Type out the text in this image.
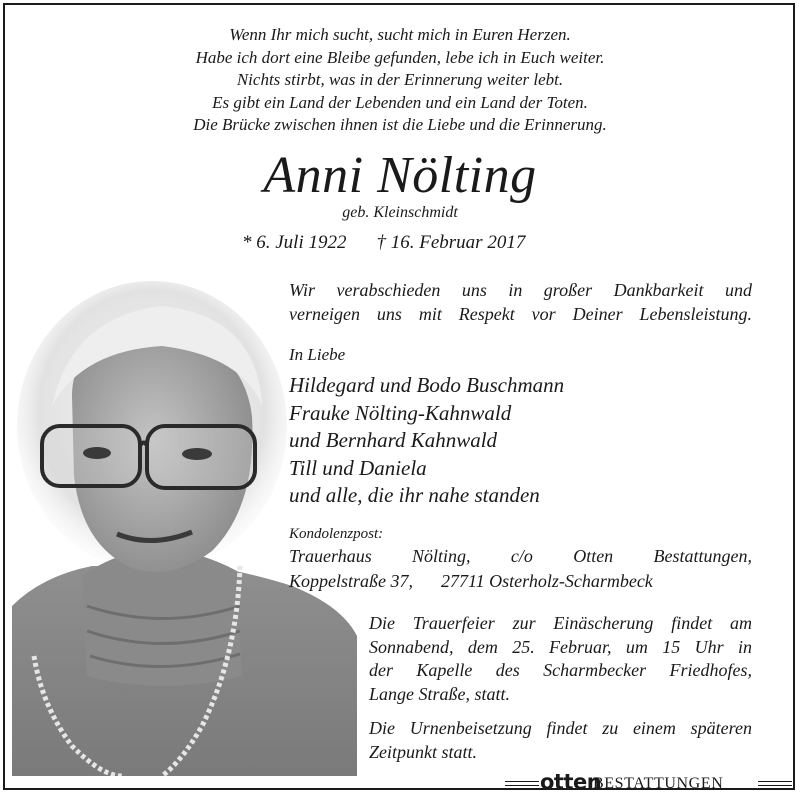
Wenn Ihr mich sucht, sucht mich in Euren Herzen.
Habe ich dort eine Bleibe gefunden, lebe ich in Euch weiter.
Nichts stirbt, was in der Erinnerung weiter lebt.
Es gibt ein Land der Lebenden und ein Land der Toten.
Die Brücke zwischen ihnen ist die Liebe und die Erinnerung.
Anni Nölting
geb. Kleinschmidt
* 6. Juli 1922 † 16. Februar 2017
Wir verabschieden uns in großer Dankbarkeit und
verneigen uns mit Respekt vor Deiner Lebensleistung.
In Liebe
Hildegard und Bodo Buschmann
Frauke Nölting-Kahnwald
und Bernhard Kahnwald
Till und Daniela
und alle, die ihr nahe standen
Kondolenzpost:
Trauerhaus Nölting, c/o Otten Bestattungen,
Koppelstraße 37, 27711 Osterholz-Scharmbeck
Die Trauerfeier zur Einäscherung findet am
Sonnabend, dem 25. Februar, um 15 Uhr in
der Kapelle des Scharmbecker Friedhofes,
Lange Straße, statt.
Die Urnenbeisetzung findet zu einem späteren
Zeitpunkt statt.
otten
BESTATTUNGEN
